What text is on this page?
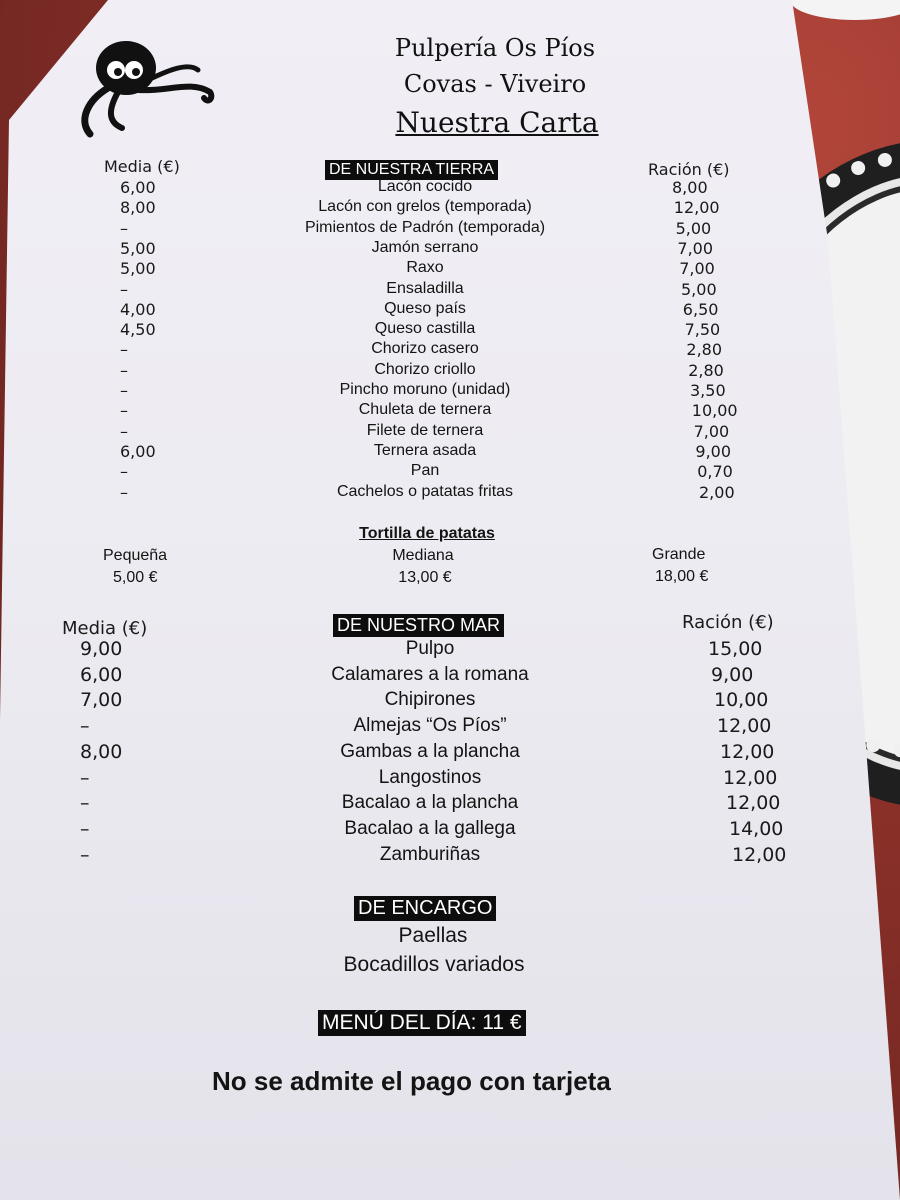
Pulpería Os Píos
Covas - Viveiro
Nuestra Carta
Media (€)	DE NUESTRA TIERRA	Ración (€)
6,00	Lacón cocido	8,00
8,00	Lacón con grelos (temporada)	12,00
–	Pimientos de Padrón (temporada)	5,00
5,00	Jamón serrano	7,00
5,00	Raxo	7,00
–	Ensaladilla	5,00
4,00	Queso país	6,50
4,50	Queso castilla	7,50
–	Chorizo casero	2,80
–	Chorizo criollo	2,80
–	Pincho moruno (unidad)	3,50
–	Chuleta de ternera	10,00
–	Filete de ternera	7,00
6,00	Ternera asada	9,00
–	Pan	0,70
–	Cachelos o patatas fritas	2,00
Tortilla de patatas
Pequeña
5,00 €
Mediana
13,00 €
Grande
18,00 €
Media (€)	DE NUESTRO MAR	Ración (€)
9,00	Pulpo	15,00
6,00	Calamares a la romana	9,00
7,00	Chipirones	10,00
–	Almejas “Os Píos”	12,00
8,00	Gambas a la plancha	12,00
–	Langostinos	12,00
–	Bacalao a la plancha	12,00
–	Bacalao a la gallega	14,00
–	Zamburiñas	12,00
DE ENCARGO
Paellas
Bocadillos variados
MENÚ DEL DÍA: 11 €
No se admite el pago con tarjeta
